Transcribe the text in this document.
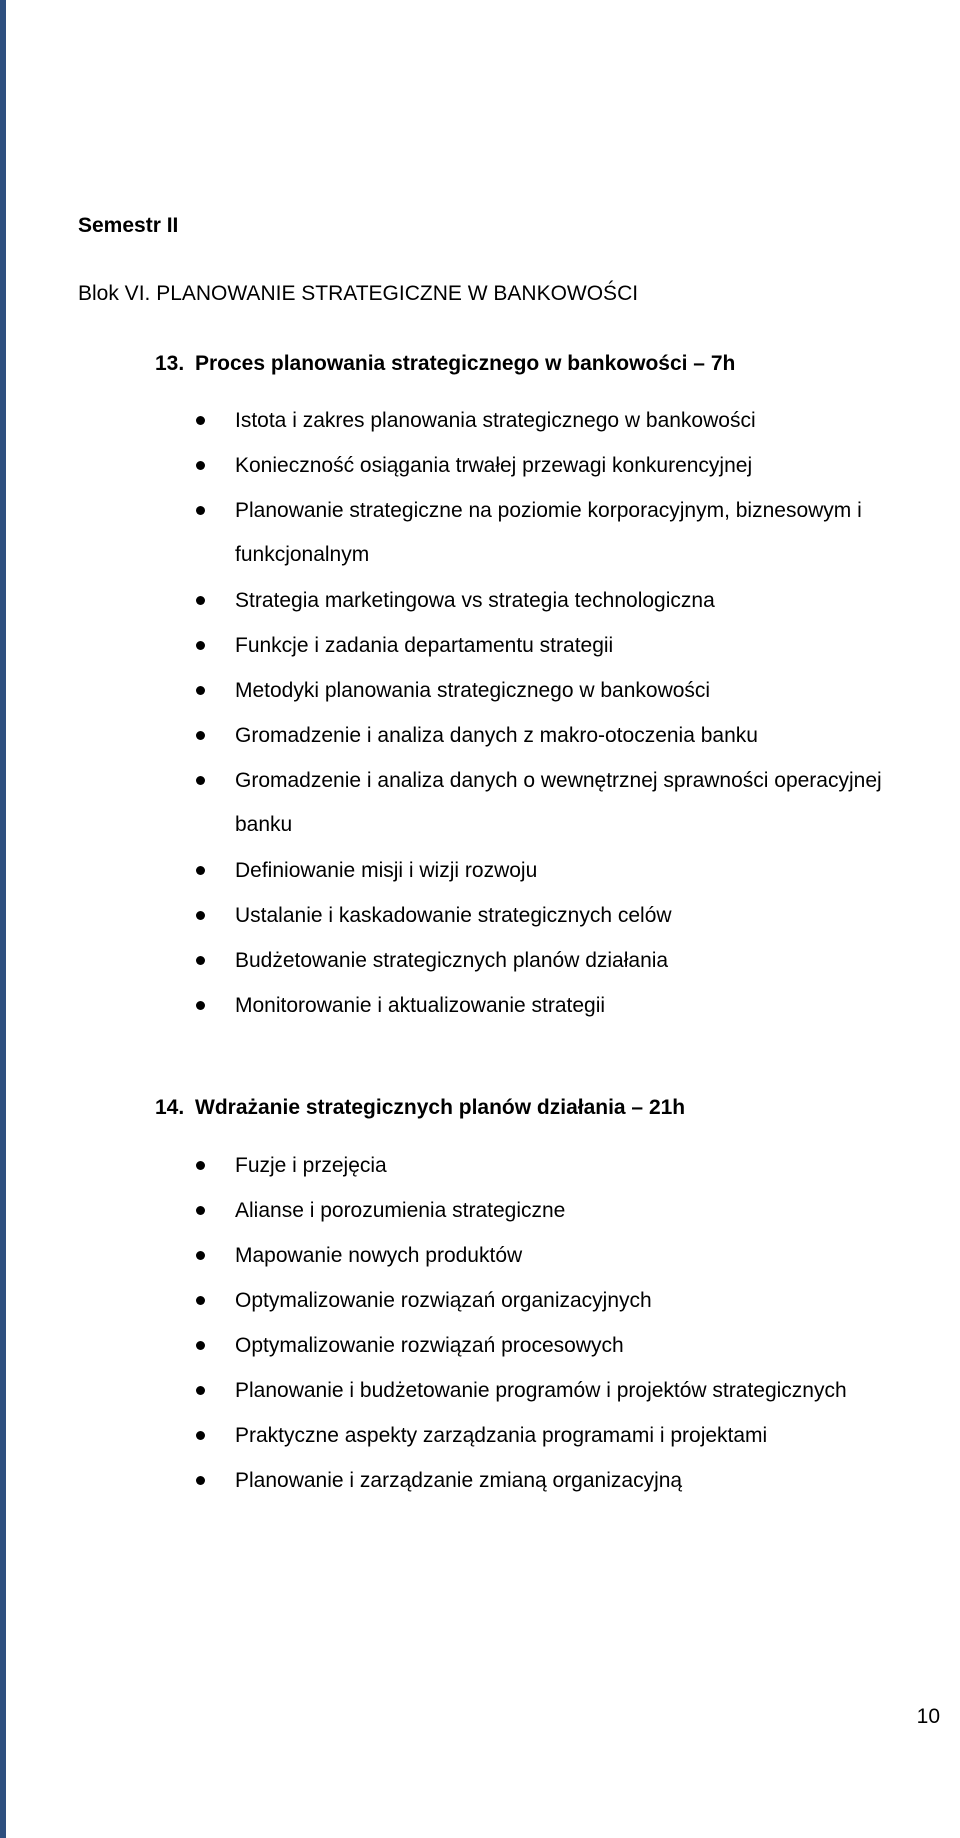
Semestr II
Blok VI. PLANOWANIE STRATEGICZNE W BANKOWOŚCI
13. Proces planowania strategicznego w bankowości – 7h
Istota i zakres planowania strategicznego w bankowości
Konieczność osiągania trwałej przewagi konkurencyjnej
Planowanie strategiczne na poziomie korporacyjnym, biznesowym i funkcjonalnym
Strategia marketingowa vs strategia technologiczna
Funkcje i zadania departamentu strategii
Metodyki planowania strategicznego w bankowości
Gromadzenie i analiza danych z makro-otoczenia banku
Gromadzenie i analiza danych o wewnętrznej sprawności operacyjnej banku
Definiowanie misji i wizji rozwoju
Ustalanie i kaskadowanie strategicznych celów
Budżetowanie strategicznych planów działania
Monitorowanie i aktualizowanie strategii
14. Wdrażanie strategicznych planów działania – 21h
Fuzje i przejęcia
Alianse i porozumienia strategiczne
Mapowanie nowych produktów
Optymalizowanie rozwiązań organizacyjnych
Optymalizowanie rozwiązań procesowych
Planowanie i budżetowanie programów i projektów strategicznych
Praktyczne aspekty zarządzania programami i projektami
Planowanie i zarządzanie zmianą organizacyjną
10
